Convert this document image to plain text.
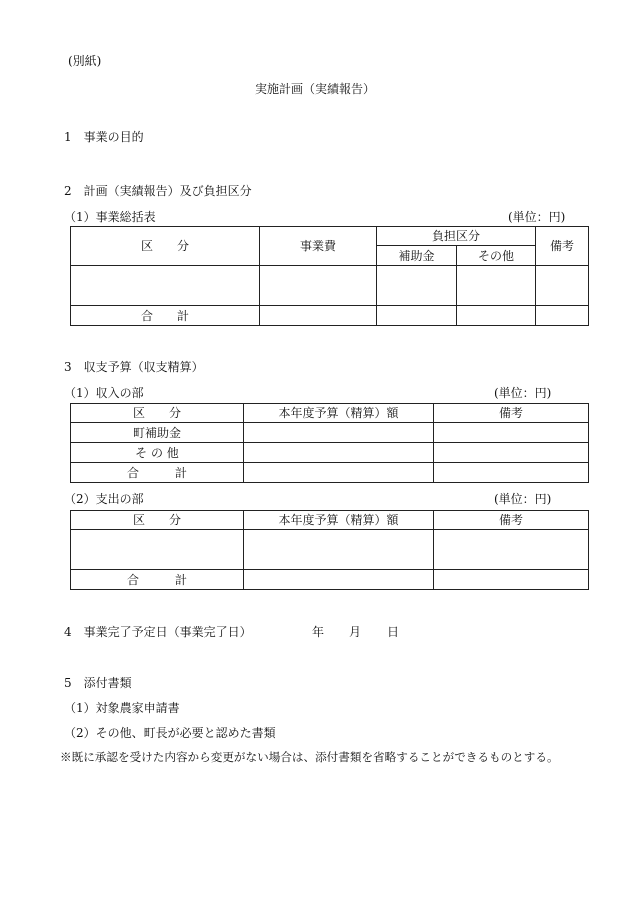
(別紙)
実施計画（実績報告）
1　事業の目的
2　計画（実績報告）及び負担区分
（1）事業総括表	(単位：円)
区　　分	事業費	負担区分		備考
		補助金	その他	

合　　計				
3　収支予算（収支精算）
（1）収入の部	(単位：円)
区　　分	本年度予算（精算）額	備考
町補助金		
そ の 他		
合　　　計		
（2）支出の部	(単位：円)
区　　分	本年度予算（精算）額	備考

合　　　計		
4　事業完了予定日（事業完了日）	年 月 日
5　添付書類
（1）対象農家申請書
（2）その他、町長が必要と認めた書類
※既に承認を受けた内容から変更がない場合は、添付書類を省略することができるものとする。
